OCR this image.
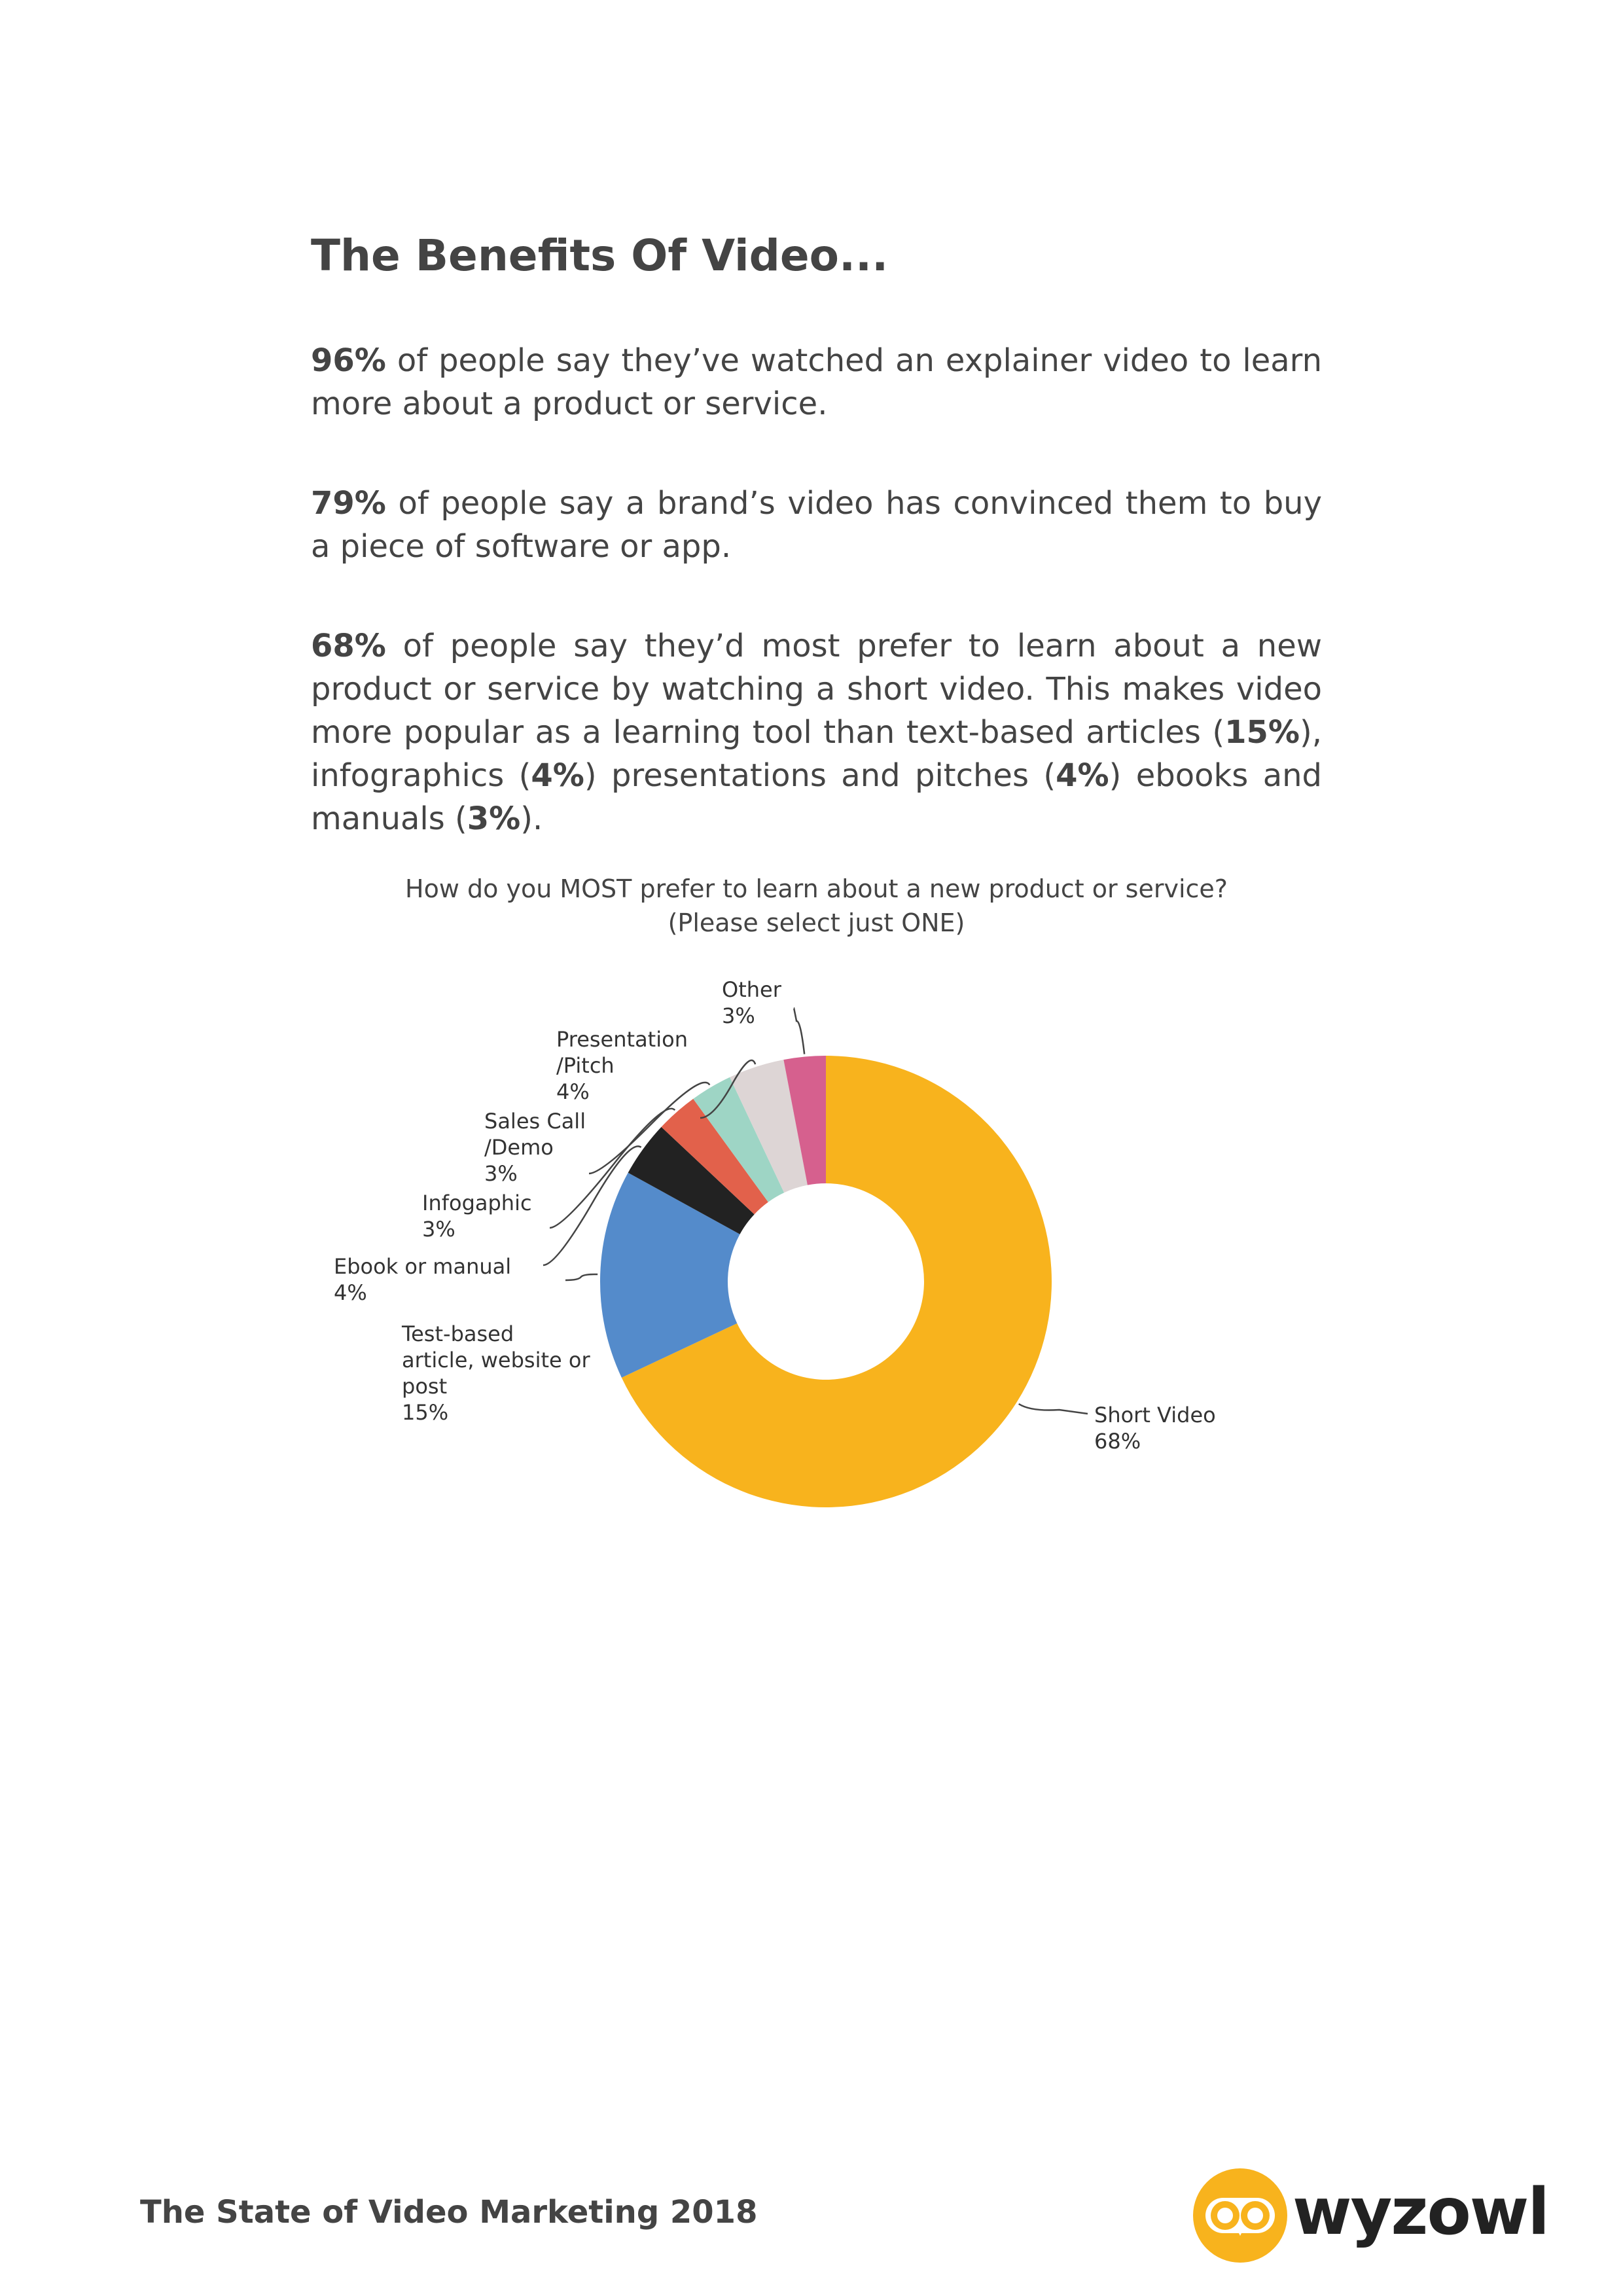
The Benefits Of Video...

96% of people say they’ve watched an explainer video to learn more about a product or service.

79% of people say a brand’s video has convinced them to buy a piece of software or app.

68% of people say they’d most prefer to learn about a new product or service by watching a short video. This makes video more popular as a learning tool than text-based articles (15%), infographics (4%) presentations and pitches (4%) ebooks and manuals (3%).

How do you MOST prefer to learn about a new product or service?
(Please select just ONE)
Short Video
68%
Test-based
article, website or
post
15%
Ebook or manual
4%
Infogaphic
3%
Sales Call
/Demo
3%
Presentation
/Pitch
4%
Other
3%
The State of Video Marketing 2018	wyzowl
